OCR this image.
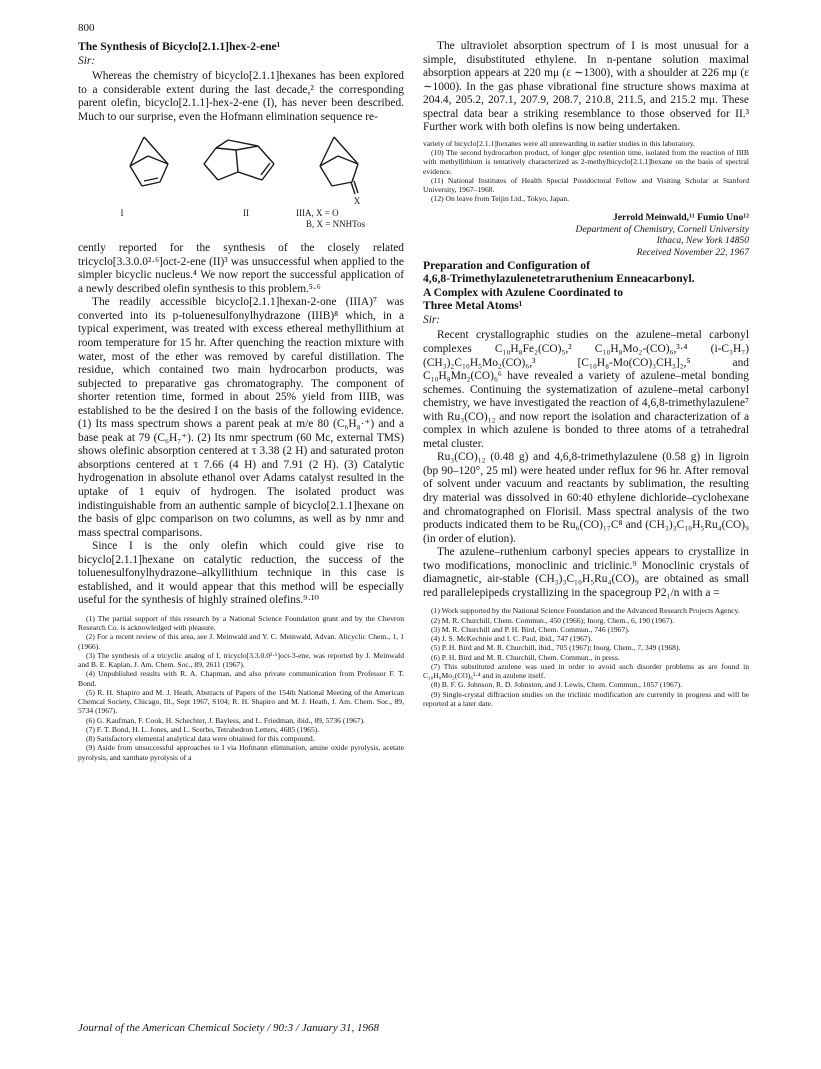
800
The Synthesis of Bicyclo[2.1.1]hex-2-ene¹
Sir:

Whereas the chemistry of bicyclo[2.1.1]hexanes has been explored to a considerable extent during the last decade,² the corresponding parent olefin, bicyclo[2.1.1]-hex-2-ene (I), has never been described. Much to our surprise, even the Hofmann elimination sequence re-

I	II
X
IIIA, X = O
B, X = NNHTos

cently reported for the synthesis of the closely related tricyclo[3.3.0.0²·⁶]oct-2-ene (II)³ was unsuccessful when applied to the simpler bicyclic nucleus.⁴ We now report the successful application of a newly described olefin synthesis to this problem.⁵·⁶

The readily accessible bicyclo[2.1.1]hexan-2-one (IIIA)⁷ was converted into its p-toluenesulfonylhydrazone (IIIB)⁸ which, in a typical experiment, was treated with excess ethereal methyllithium at room temperature for 15 hr. After quenching the reaction mixture with water, most of the ether was removed by careful distillation. The residue, which contained two main hydrocarbon products, was subjected to preparative gas chromatography. The component of shorter retention time, formed in about 25% yield from IIIB, was established to be the desired I on the basis of the following evidence. (1) Its mass spectrum shows a parent peak at m/e 80 (C₆H₈·⁺) and a base peak at 79 (C₆H₇⁺). (2) Its nmr spectrum (60 Mc, external TMS) shows olefinic absorption centered at τ 3.38 (2 H) and saturated proton absorptions centered at τ 7.66 (4 H) and 7.91 (2 H). (3) Catalytic hydrogenation in absolute ethanol over Adams catalyst resulted in the uptake of 1 equiv of hydrogen. The isolated product was indistinguishable from an authentic sample of bicyclo[2.1.1]hexane on the basis of glpc comparison on two columns, as well as by nmr and mass spectral comparisons.

Since I is the only olefin which could give rise to bicyclo[2.1.1]hexane on catalytic reduction, the success of the toluenesulfonylhydrazone–alkyllithium technique in this case is established, and it would appear that this method will be especially useful for the synthesis of highly strained olefins.⁹·¹⁰

(1) The partial support of this research by a National Science Foundation grant and by the Chevron Research Co. is acknowledged with pleasure.

(2) For a recent review of this area, see J. Meinwald and Y. C. Meinwald, Advan. Alicyclic Chem., 1, 1 (1966).

(3) The synthesis of a tricyclic analog of I, tricyclo[3.3.0.0²·⁶]oct-3-ene, was reported by J. Meinwald and B. E. Kaplan, J. Am. Chem. Soc., 89, 2611 (1967).

(4) Unpublished results with R. A. Chapman, and also private communication from Professor F. T. Bond.

(5) R. H. Shapiro and M. J. Heath, Abstracts of Papers of the 154th National Meeting of the American Chemcal Society, Chicago, Ill., Sept 1967, S104; R. H. Shapiro and M. J. Heath, J. Am. Chem. Soc., 89, 5734 (1967).

(6) G. Kaufman, F. Cook, H. Schechter, J. Bayless, and L. Friedman, ibid., 89, 5736 (1967).

(7) F. T. Bond, H. L. Jones, and L. Scerbo, Tetrahedron Letters, 4685 (1965).

(8) Satisfactory elemental analytical data were obtained for this compound.

(9) Aside from unsuccessful approaches to I via Hofmann elimination, amine oxide pyrolysis, acetate pyrolysis, and xanthate pyrolysis of a

The ultraviolet absorption spectrum of I is most unusual for a simple, disubstituted ethylene. In n-pentane solution maximal absorption appears at 220 mμ (ε ∼1300), with a shoulder at 226 mμ (ε ∼1000). In the gas phase vibrational fine structure shows maxima at 204.4, 205.2, 207.1, 207.9, 208.7, 210.8, 211.5, and 215.2 mμ. These spectral data bear a striking resemblance to those observed for II.³ Further work with both olefins is now being undertaken.

variety of bicyclo[2.1.1]hexanes were all unrewarding in earlier studies in this laboratory.

(10) The second hydrocarbon product, of longer glpc retention time, isolated from the reaction of IIIB with methyllithium is tentatively characterized as 2-methylbicyclo[2.1.1]hexane on the basis of spectral evidence.

(11) National Institutes of Health Special Postdoctoral Fellow and Visiting Scholar at Stanford University, 1967–1968.

(12) On leave from Teijin Ltd., Tokyo, Japan.

Jerrold Meinwald,¹¹ Fumio Uno¹²
Department of Chemistry, Cornell University
Ithaca, New York 14850
Received November 22, 1967
Preparation and Configuration of
4,6,8-Trimethylazulenetetraruthenium Enneacarbonyl.
A Complex with Azulene Coordinated to
Three Metal Atoms¹
Sir:

Recent crystallographic studies on the azulene–metal carbonyl complexes C₁₀H₈Fe₂(CO)₅,² C₁₀H₈Mo₂-(CO)₆,³·⁴ (i-C₃H₇)(CH₃)₂C₁₀H₅Mo₂(CO)₆,³ [C₁₀H₈-Mo(CO)₃CH₃]₂,⁵ and C₁₀H₈Mn₂(CO)₆⁶ have revealed a variety of azulene–metal bonding schemes. Continuing the systematization of azulene–metal carbonyl chemistry, we have investigated the reaction of 4,6,8-trimethylazulene⁷ with Ru₃(CO)₁₂ and now report the isolation and characterization of a complex in which azulene is bonded to three atoms of a tetrahedral metal cluster.

Ru₃(CO)₁₂ (0.48 g) and 4,6,8-trimethylazulene (0.58 g) in ligroin (bp 90–120°, 25 ml) were heated under reflux for 96 hr. After removal of solvent under vacuum and reactants by sublimation, the resulting dry material was dissolved in 60:40 ethylene dichloride–cyclohexane and chromatographed on Florisil. Mass spectral analysis of the two products indicated them to be Ru₆(CO)₁₇C⁸ and (CH₃)₃C₁₀H₅Ru₄(CO)₉ (in order of elution).

The azulene–ruthenium carbonyl species appears to crystallize in two modifications, monoclinic and triclinic.⁹ Monoclinic crystals of diamagnetic, air-stable (CH₃)₃C₁₀H₅Ru₄(CO)₉ are obtained as small red parallelepipeds crystallizing in the spacegroup P2₁/n with a =

(1) Work supported by the National Science Foundation and the Advanced Research Projects Agency.

(2) M. R. Churchill, Chem. Commun., 450 (1966); Inorg. Chem., 6, 190 (1967).

(3) M. R. Churchill and P. H. Bird, Chem. Commun., 746 (1967).

(4) J. S. McKechnie and I. C. Paul, ibid., 747 (1967).

(5) P. H. Bird and M. R. Churchill, ibid., 705 (1967); Inorg. Chem., 7, 349 (1968).

(6) P. H. Bird and M. R. Churchill, Chem. Commun., in press.

(7) This substituted azulene was used in order to avoid such disorder problems as are found in C₁₀H₈Mo₂(CO)₆³·⁴ and in azulene itself.

(8) B. F. G. Johnson, R. D. Johnston, and J. Lewis, Chem. Commun., 1057 (1967).

(9) Single-crystal diffraction studies on the triclinic modification are currently in progress and will be reported at a later date.

Journal of the American Chemical Society / 90:3 / January 31, 1968
